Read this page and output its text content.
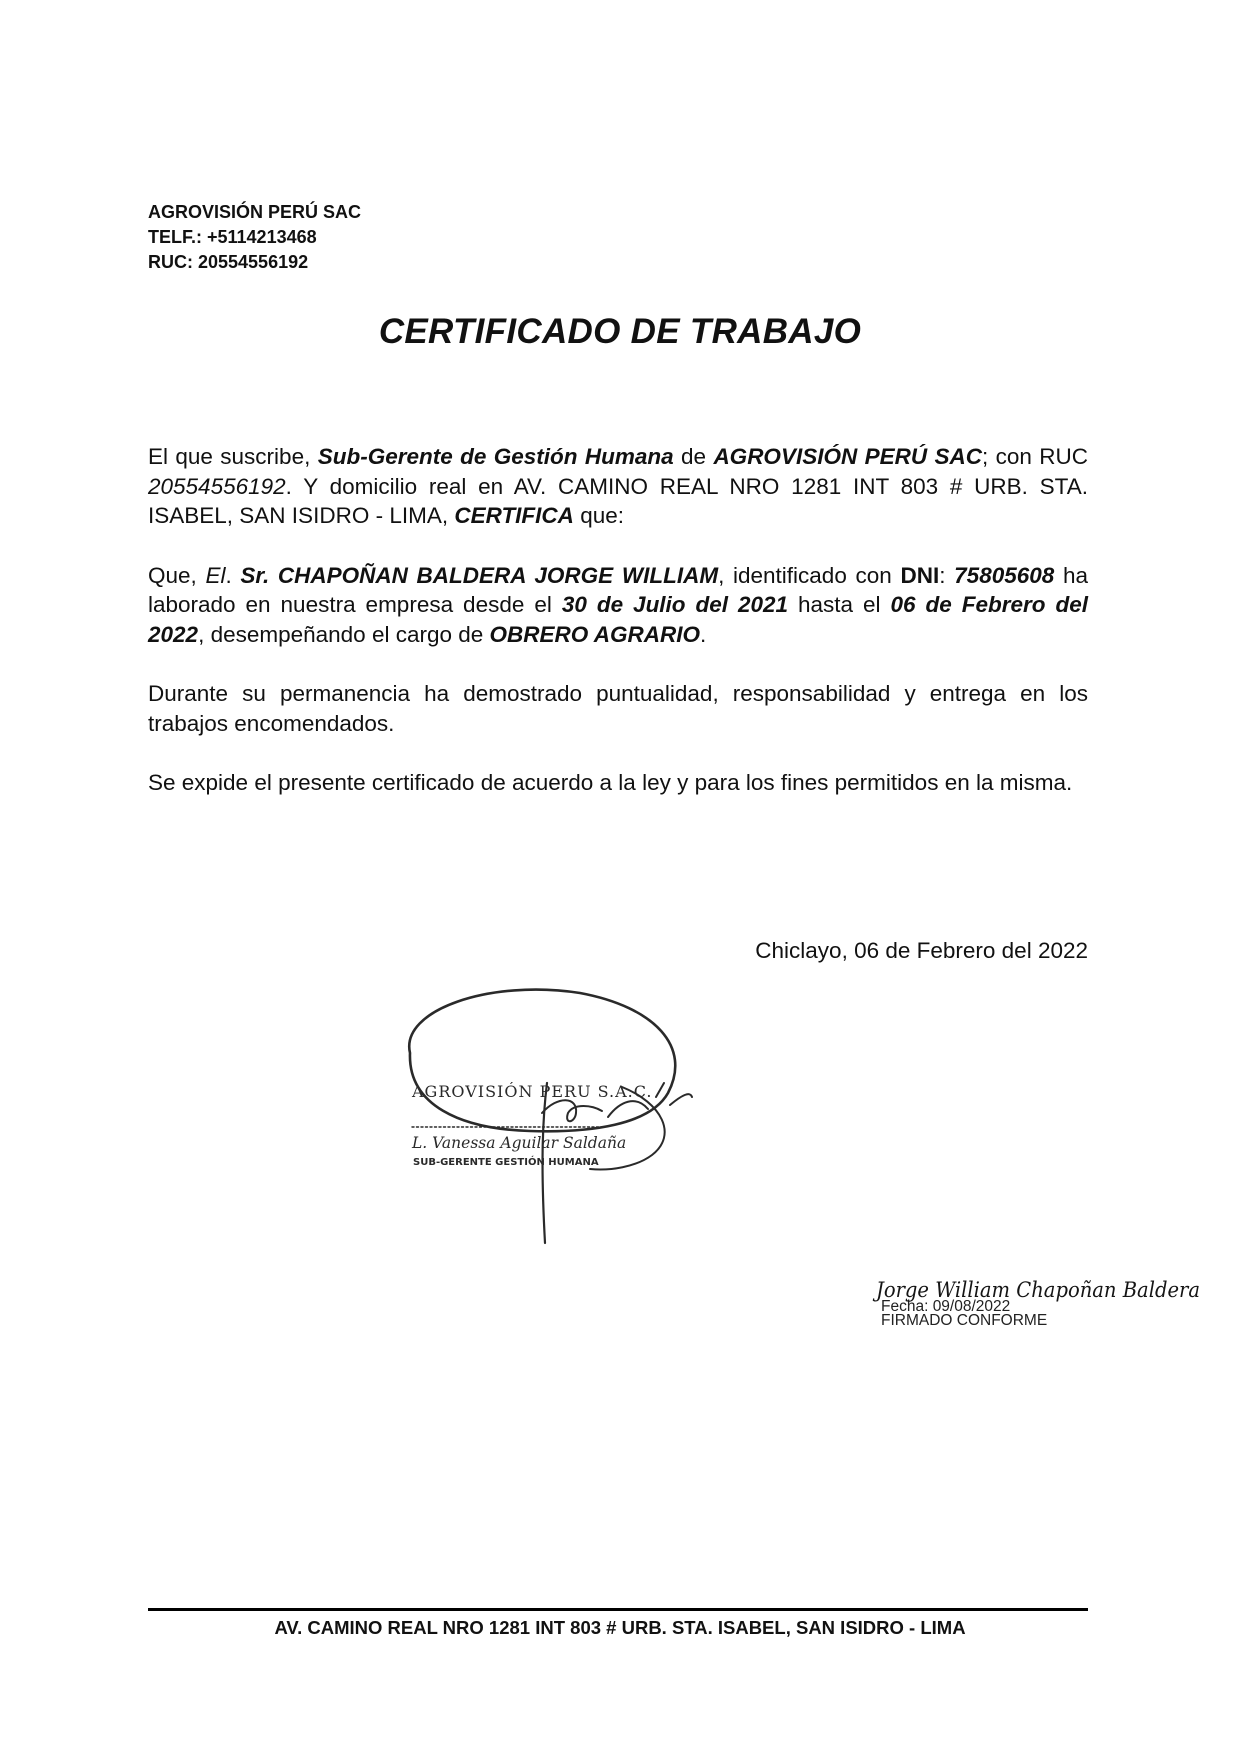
AGROVISIÓN PERÚ SAC
TELF.: +5114213468
RUC: 20554556192
CERTIFICADO DE TRABAJO

El que suscribe, Sub-Gerente de Gestión Humana de AGROVISIÓN PERÚ SAC; con RUC 20554556192. Y domicilio real en AV. CAMINO REAL NRO 1281 INT 803 # URB. STA. ISABEL, SAN ISIDRO - LIMA, CERTIFICA que:

Que, El. Sr. CHAPOÑAN BALDERA JORGE WILLIAM, identificado con DNI: 75805608 ha laborado en nuestra empresa desde el 30 de Julio del 2021 hasta el 06 de Febrero del 2022, desempeñando el cargo de OBRERO AGRARIO.

Durante su permanencia ha demostrado puntualidad, responsabilidad y entrega en los trabajos encomendados.

Se expide el presente certificado de acuerdo a la ley y para los fines permitidos en la misma.

Chiclayo, 06 de Febrero del 2022
AGROVISIÓN PERU S.A.C.
L. Vanessa Aguilar Saldaña
SUB-GERENTE GESTIÓN HUMANA
Jorge William Chapoñan Baldera
Fecha: 09/08/2022
FIRMADO CONFORME
AV. CAMINO REAL NRO 1281 INT 803 # URB. STA. ISABEL, SAN ISIDRO - LIMA
